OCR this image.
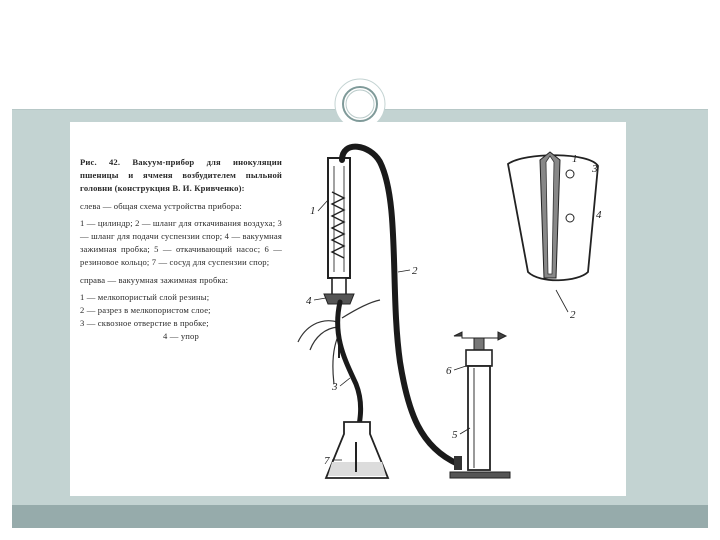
Рис. 42. Вакуум-прибор для инокуляции пшеницы и ячменя возбудителем пыльной головни (конструкция В. И. Кривченко):

слева — общая схема устройства прибора:

1 — цилиндр; 2 — шланг для откачивания воздуха; 3 — шланг для подачи суспензии спор; 4 — вакуумная зажимная пробка; 5 — откачивающий насос; 6 — резиновое кольцо; 7 — сосуд для суспензии спор;

справа — вакуумная зажимная пробка:

1 — мелкопористый слой резины;

2 — разрез в мелкопористом слое;

3 — сквозное отверстие в пробке;

4 — упор

1
2
3
4
5
6
7
1
3
4
2
